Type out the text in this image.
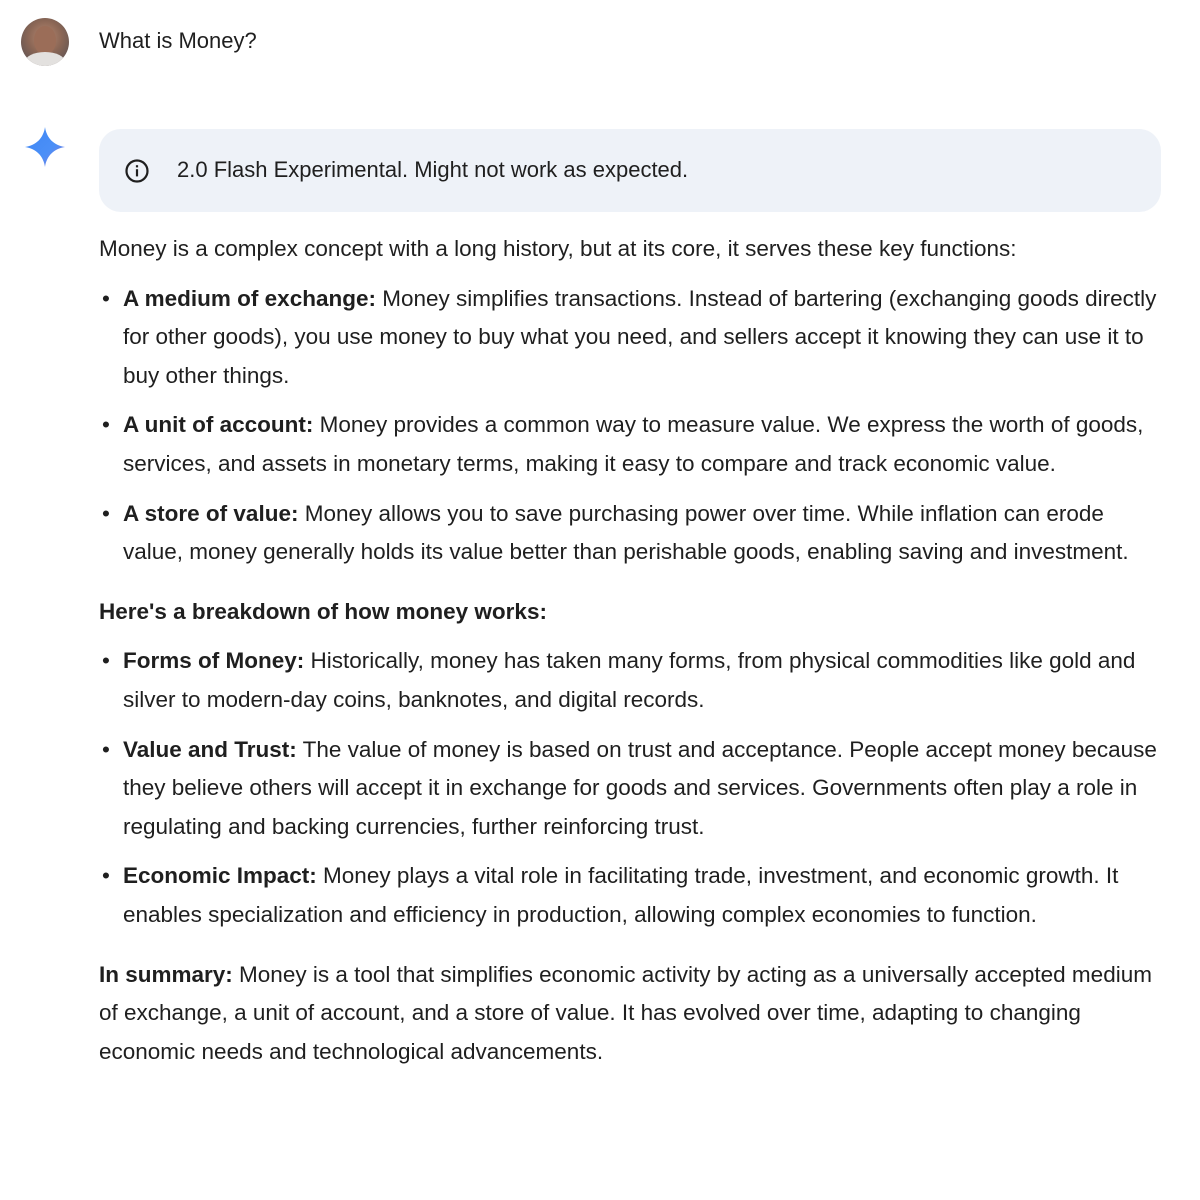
What is Money?
2.0 Flash Experimental. Might not work as expected.

Money is a complex concept with a long history, but at its core, it serves these key functions:

• A medium of exchange: Money simplifies transactions. Instead of bartering (exchanging goods directly for other goods), you use money to buy what you need, and sellers accept it knowing they can use it to buy other things.
• A unit of account: Money provides a common way to measure value. We express the worth of goods, services, and assets in monetary terms, making it easy to compare and track economic value.
• A store of value: Money allows you to save purchasing power over time. While inflation can erode value, money generally holds its value better than perishable goods, enabling saving and investment.

Here's a breakdown of how money works:

• Forms of Money: Historically, money has taken many forms, from physical commodities like gold and silver to modern-day coins, banknotes, and digital records.
• Value and Trust: The value of money is based on trust and acceptance. People accept money because they believe others will accept it in exchange for goods and services. Governments often play a role in regulating and backing currencies, further reinforcing trust.
• Economic Impact: Money plays a vital role in facilitating trade, investment, and economic growth. It enables specialization and efficiency in production, allowing complex economies to function.

In summary: Money is a tool that simplifies economic activity by acting as a universally accepted medium of exchange, a unit of account, and a store of value. It has evolved over time, adapting to changing economic needs and technological advancements.
